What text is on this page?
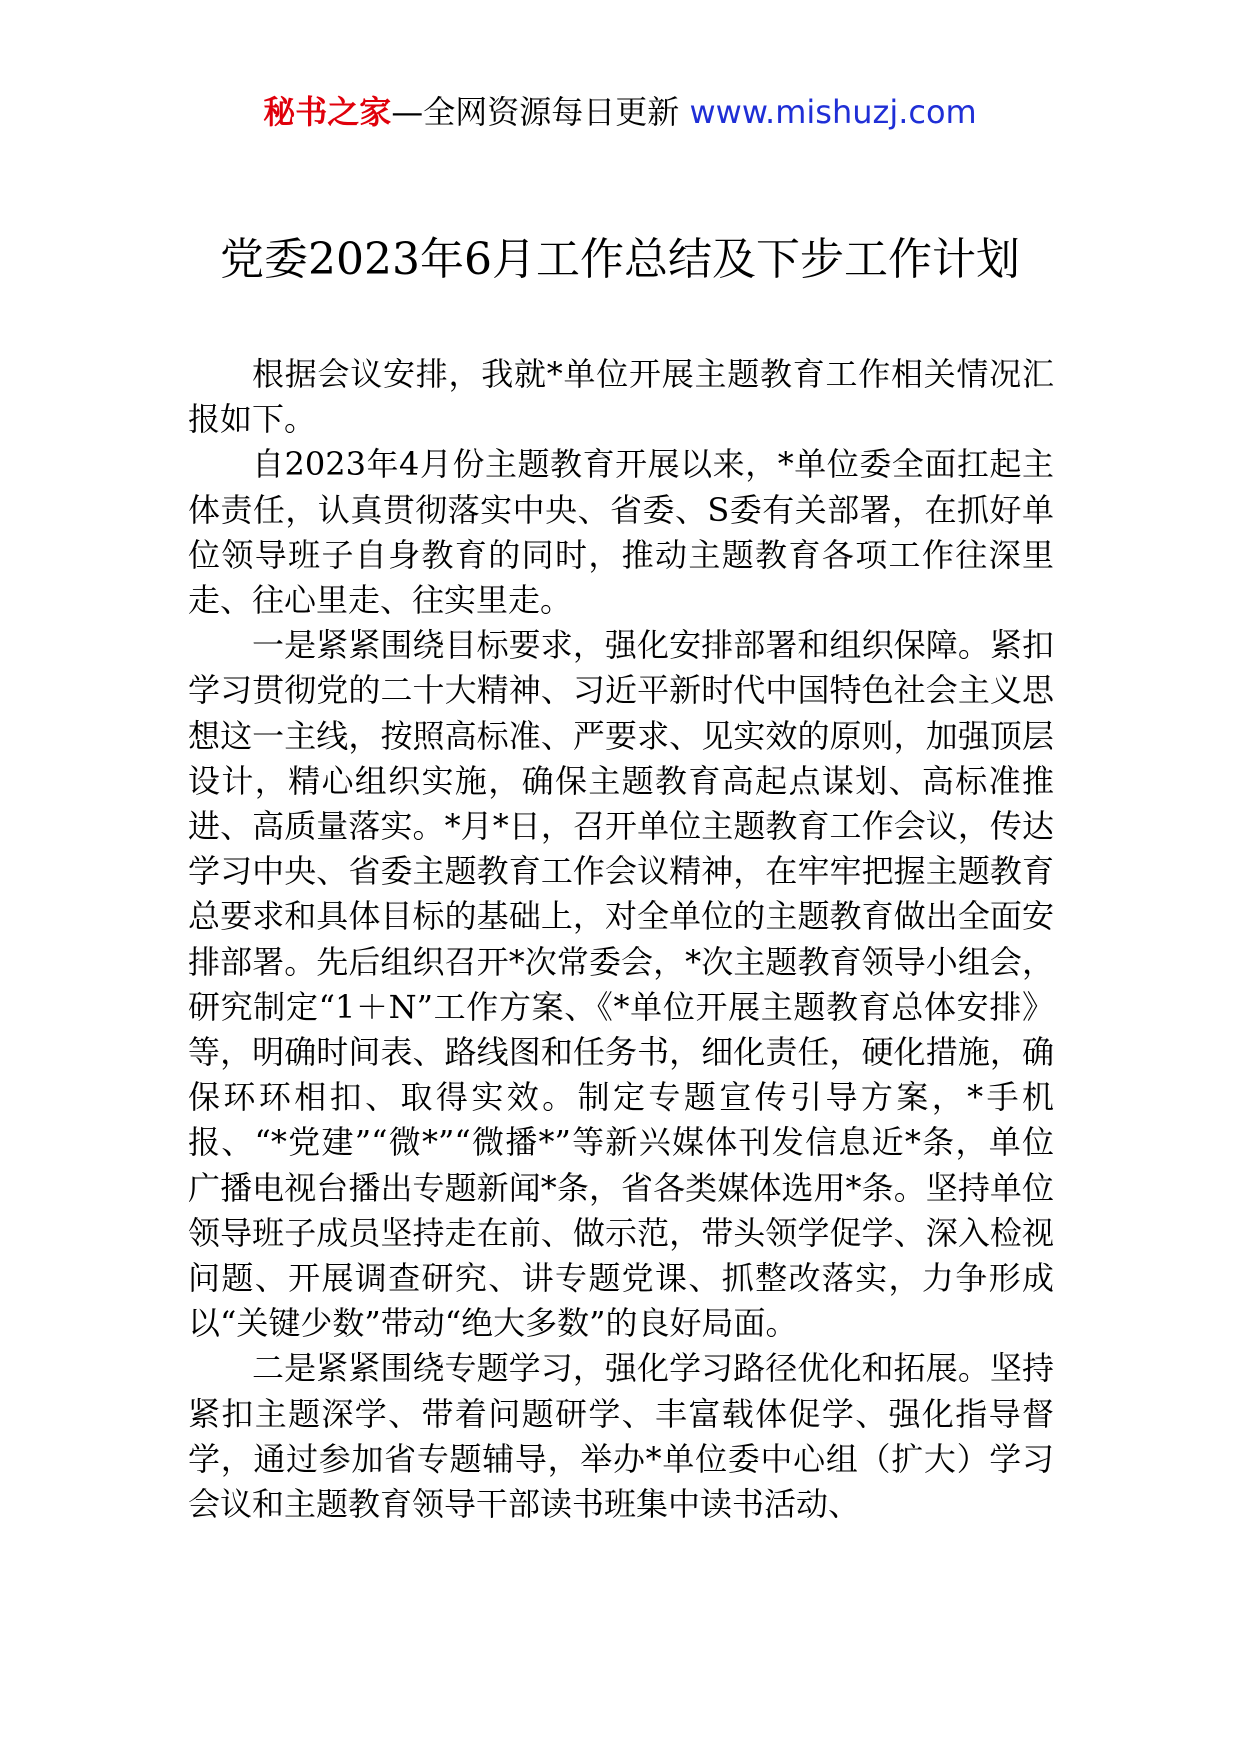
秘书之家—全网资源每日更新 www.mishuzj.com
党委2023年6月工作总结及下步工作计划

根据会议安排，我就*单位开展主题教育工作相关情况汇报如下。

自2023年4月份主题教育开展以来，*单位委全面扛起主体责任，认真贯彻落实中央、省委、S委有关部署，在抓好单位领导班子自身教育的同时，推动主题教育各项工作往深里走、往心里走、往实里走。

一是紧紧围绕目标要求，强化安排部署和组织保障。紧扣学习贯彻党的二十大精神、习近平新时代中国特色社会主义思想这一主线，按照高标准、严要求、见实效的原则，加强顶层设计，精心组织实施，确保主题教育高起点谋划、高标准推进、高质量落实。*月*日，召开单位主题教育工作会议，传达学习中央、省委主题教育工作会议精神，在牢牢把握主题教育总要求和具体目标的基础上，对全单位的主题教育做出全面安排部署。先后组织召开*次常委会，*次主题教育领导小组会，研究制定“1＋N”工作方案、《*单位开展主题教育总体安排》等，明确时间表、路线图和任务书，细化责任，硬化措施，确保环环相扣、取得实效。制定专题宣传引导方案，*手机报、“*党建”“微*”“微播*”等新兴媒体刊发信息近*条，单位广播电视台播出专题新闻*条，省各类媒体选用*条。坚持单位领导班子成员坚持走在前、做示范，带头领学促学、深入检视问题、开展调查研究、讲专题党课、抓整改落实，力争形成以“关键少数”带动“绝大多数”的良好局面。

二是紧紧围绕专题学习，强化学习路径优化和拓展。坚持紧扣主题深学、带着问题研学、丰富载体促学、强化指导督学，通过参加省专题辅导，举办*单位委中心组（扩大）学习会议和主题教育领导干部读书班集中读书活动、
